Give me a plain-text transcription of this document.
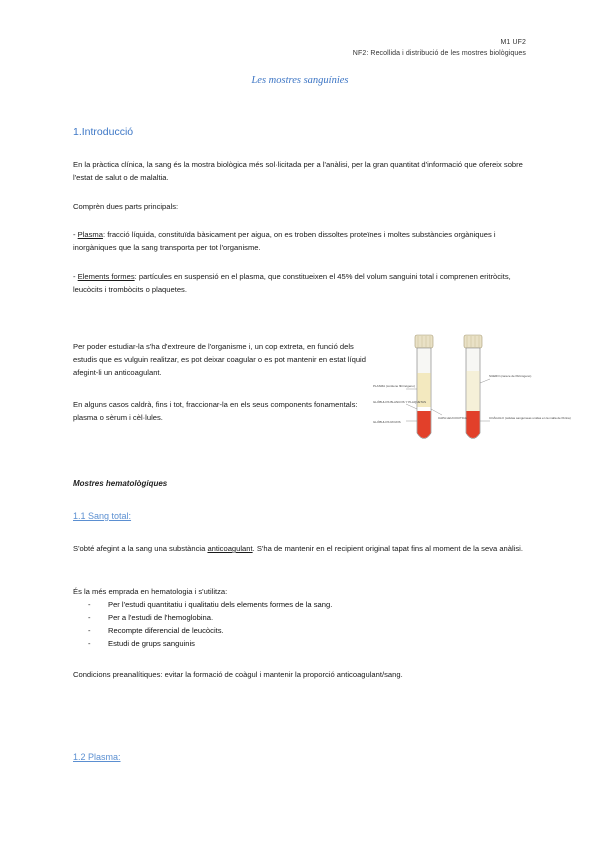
M1 UF2
NF2: Recollida i distribució de les mostres biològiques
Les mostres sanguínies
1.Introducció
En la pràctica clínica, la sang és la mostra biològica més sol·licitada per a l'anàlisi, per la gran quantitat d'informació que ofereix sobre l'estat de salut o de malaltia.
Comprèn dues parts principals:
- Plasma: fracció líquida, constituïda bàsicament per aigua, on es troben dissoltes proteïnes i moltes substàncies orgàniques i inorgàniques que la sang transporta per tot l'organisme.
- Elements formes: partícules en suspensió en el plasma, que constitueixen el 45% del volum sanguini total i comprenen eritròcits, leucòcits i trombòcits o plaquetes.
Per poder estudiar-la s'ha d'extreure de l'organisme i, un cop extreta, en funció dels estudis que es vulguin realitzar, es pot deixar coagular o es pot mantenir en estat líquid afegint-li un anticoagulant.
En alguns casos caldrà, fins i tot, fraccionar-la en els seus components fonamentals: plasma o sèrum i cèl·lules.
PLASMA (contiene fibrinógeno)
GLÓBULOS BLANCOS Y PLAQUETAS
GLÓBULOS ROJOS
CAPA LEUCOCITICA
SUERO (carece de fibrinógeno)
COÁGULO (células sanguíneas unidas en la malla de fibrina)
Mostres hematològiques
1.1 Sang total:
S'obté afegint a la sang una substància anticoagulant. S'ha de mantenir en el recipient original tapat fins al moment de la seva anàlisi.
És la més emprada en hematologia i s'utilitza:
- Per l'estudi quantitatiu i qualitatiu dels elements formes de la sang.
- Per a l'estudi de l'hemoglobina.
- Recompte diferencial de leucòcits.
- Estudi de grups sanguinis
Condicions preanalítiques: evitar la formació de coàgul i mantenir la proporció anticoagulant/sang.
1.2 Plasma:
